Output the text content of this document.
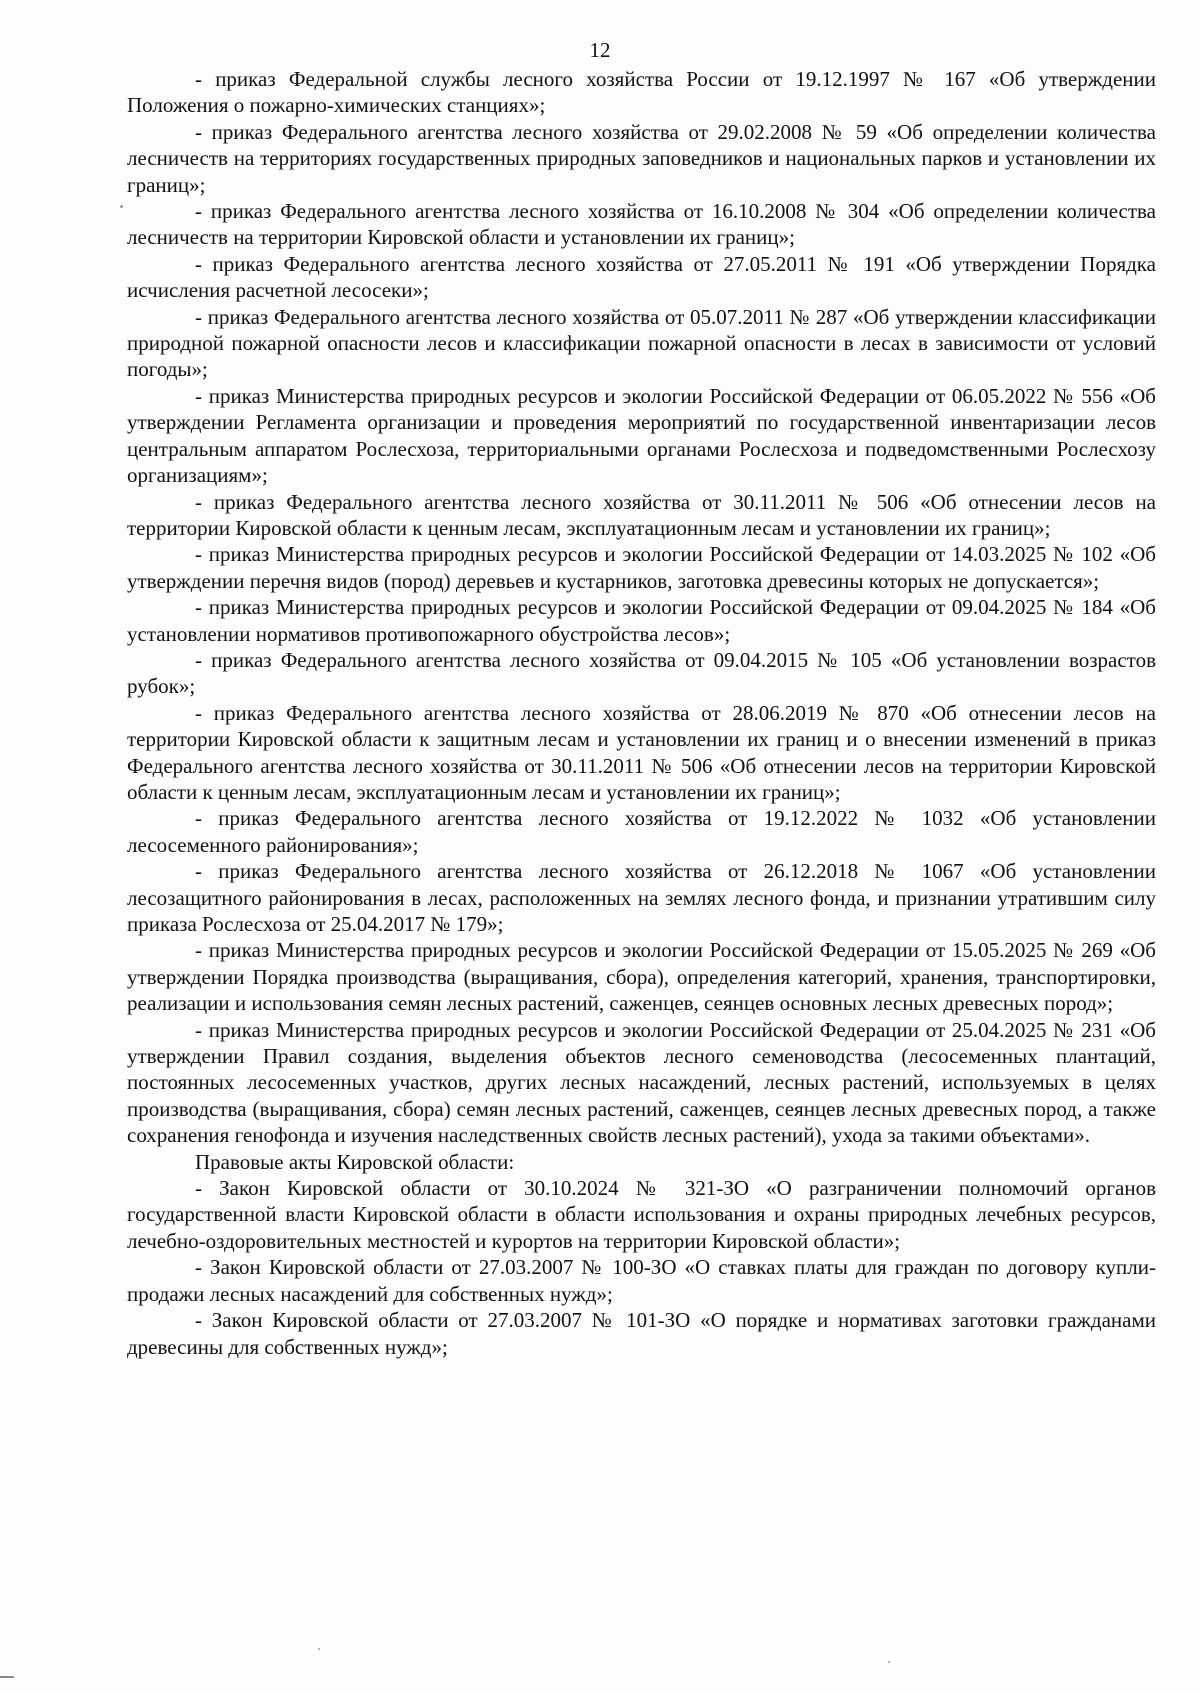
12

- приказ Федеральной службы лесного хозяйства России от 19.12.1997 № 167 «Об утверждении Положения о пожарно-химических станциях»;

- приказ Федерального агентства лесного хозяйства от 29.02.2008 № 59 «Об определении количества лесничеств на территориях государственных природных заповедников и национальных парков и установлении их границ»;

- приказ Федерального агентства лесного хозяйства от 16.10.2008 № 304 «Об определении количества лесничеств на территории Кировской области и установлении их границ»;

- приказ Федерального агентства лесного хозяйства от 27.05.2011 № 191 «Об утверждении Порядка исчисления расчетной лесосеки»;

- приказ Федерального агентства лесного хозяйства от 05.07.2011 № 287 «Об утверждении классификации природной пожарной опасности лесов и классификации пожарной опасности в лесах в зависимости от условий погоды»;

- приказ Министерства природных ресурсов и экологии Российской Федерации от 06.05.2022 № 556 «Об утверждении Регламента организации и проведения мероприятий по государственной инвентаризации лесов центральным аппаратом Рослесхоза, территориальными органами Рослесхоза и подведомственными Рослесхозу организациям»;

- приказ Федерального агентства лесного хозяйства от 30.11.2011 № 506 «Об отнесении лесов на территории Кировской области к ценным лесам, эксплуатационным лесам и установлении их границ»;

- приказ Министерства природных ресурсов и экологии Российской Федерации от 14.03.2025 № 102 «Об утверждении перечня видов (пород) деревьев и кустарников, заготовка древесины которых не допускается»;

- приказ Министерства природных ресурсов и экологии Российской Федерации от 09.04.2025 № 184 «Об установлении нормативов противопожарного обустройства лесов»;

- приказ Федерального агентства лесного хозяйства от 09.04.2015 № 105 «Об установлении возрастов рубок»;

- приказ Федерального агентства лесного хозяйства от 28.06.2019 № 870 «Об отнесении лесов на территории Кировской области к защитным лесам и установлении их границ и о внесении изменений в приказ Федерального агентства лесного хозяйства от 30.11.2011 № 506 «Об отнесении лесов на территории Кировской области к ценным лесам, эксплуатационным лесам и установлении их границ»;

- приказ Федерального агентства лесного хозяйства от 19.12.2022 № 1032 «Об установлении лесосеменного районирования»;

- приказ Федерального агентства лесного хозяйства от 26.12.2018 № 1067 «Об установлении лесозащитного районирования в лесах, расположенных на землях лесного фонда, и признании утратившим силу приказа Рослесхоза от 25.04.2017 № 179»;

- приказ Министерства природных ресурсов и экологии Российской Федерации от 15.05.2025 № 269 «Об утверждении Порядка производства (выращивания, сбора), определения категорий, хранения, транспортировки, реализации и использования семян лесных растений, саженцев, сеянцев основных лесных древесных пород»;

- приказ Министерства природных ресурсов и экологии Российской Федерации от 25.04.2025 № 231 «Об утверждении Правил создания, выделения объектов лесного семеноводства (лесосеменных плантаций, постоянных лесосеменных участков, других лесных насаждений, лесных растений, используемых в целях производства (выращивания, сбора) семян лесных растений, саженцев, сеянцев лесных древесных пород, а также сохранения генофонда и изучения наследственных свойств лесных растений), ухода за такими объектами».

Правовые акты Кировской области:

- Закон Кировской области от 30.10.2024 № 321-ЗО «О разграничении полномочий органов государственной власти Кировской области в области использования и охраны природных лечебных ресурсов, лечебно-оздоровительных местностей и курортов на территории Кировской области»;

- Закон Кировской области от 27.03.2007 № 100-ЗО «О ставках платы для граждан по договору купли-продажи лесных насаждений для собственных нужд»;

- Закон Кировской области от 27.03.2007 № 101-ЗО «О порядке и нормативах заготовки гражданами древесины для собственных нужд»;
